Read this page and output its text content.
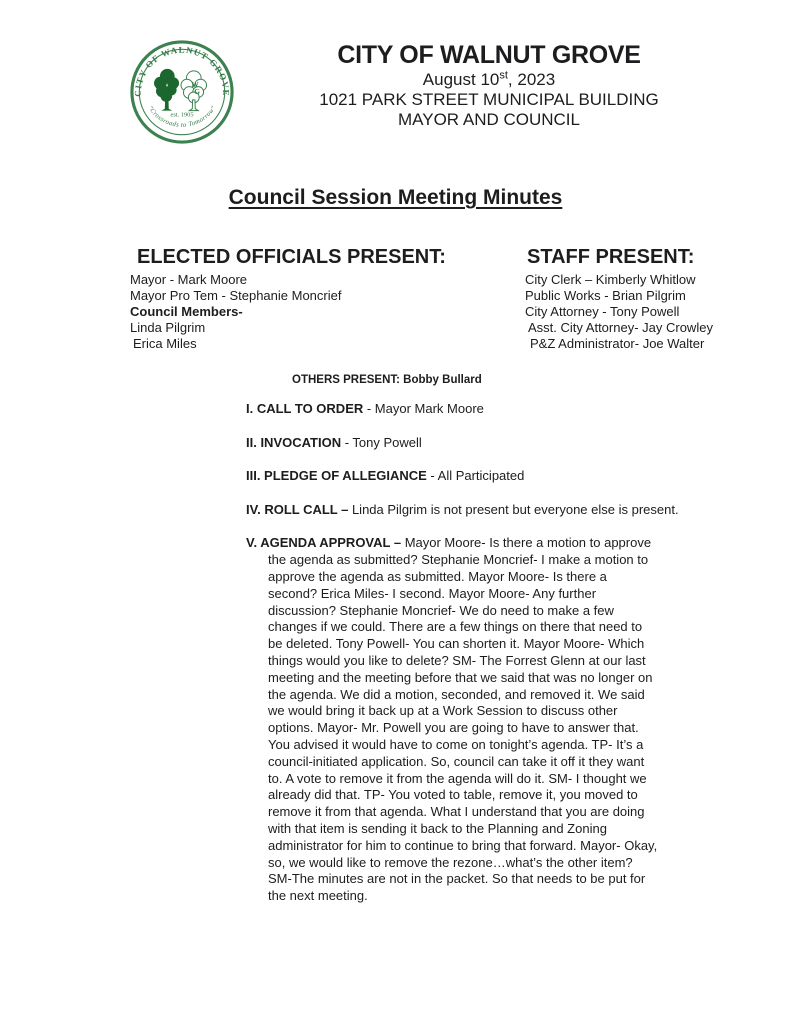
CITY OF WALNUT GROVE
W
G
est. 1905
"Crossroads to Tomorrow"
CITY OF WALNUT GROVE
August 10st, 2023
1021 PARK STREET MUNICIPAL BUILDING
MAYOR AND COUNCIL
Council Session Meeting Minutes
ELECTED OFFICIALS PRESENT:
Mayor - Mark Moore
Mayor Pro Tem - Stephanie Moncrief
Council Members-
Linda Pilgrim
Erica Miles
STAFF PRESENT:
City Clerk – Kimberly Whitlow
Public Works - Brian Pilgrim
City Attorney - Tony Powell
Asst. City Attorney- Jay Crowley
P&Z Administrator- Joe Walter
OTHERS PRESENT: Bobby Bullard
I. CALL TO ORDER - Mayor Mark Moore
II. INVOCATION - Tony Powell
III. PLEDGE OF ALLEGIANCE - All Participated
IV. ROLL CALL – Linda Pilgrim is not present but everyone else is present.
V. AGENDA APPROVAL – Mayor Moore- Is there a motion to approve the agenda as submitted? Stephanie Moncrief- I make a motion to approve the agenda as submitted. Mayor Moore- Is there a second? Erica Miles- I second. Mayor Moore- Any further discussion? Stephanie Moncrief- We do need to make a few changes if we could. There are a few things on there that need to be deleted. Tony Powell- You can shorten it. Mayor Moore- Which things would you like to delete? SM- The Forrest Glenn at our last meeting and the meeting before that we said that was no longer on the agenda. We did a motion, seconded, and removed it. We said we would bring it back up at a Work Session to discuss other options. Mayor- Mr. Powell you are going to have to answer that. You advised it would have to come on tonight’s agenda. TP- It’s a council-initiated application. So, council can take it off it they want to. A vote to remove it from the agenda will do it. SM- I thought we already did that. TP- You voted to table, remove it, you moved to remove it from that agenda. What I understand that you are doing with that item is sending it back to the Planning and Zoning administrator for him to continue to bring that forward. Mayor- Okay, so, we would like to remove the rezone…what’s the other item? SM-The minutes are not in the packet. So that needs to be put for the next meeting.
